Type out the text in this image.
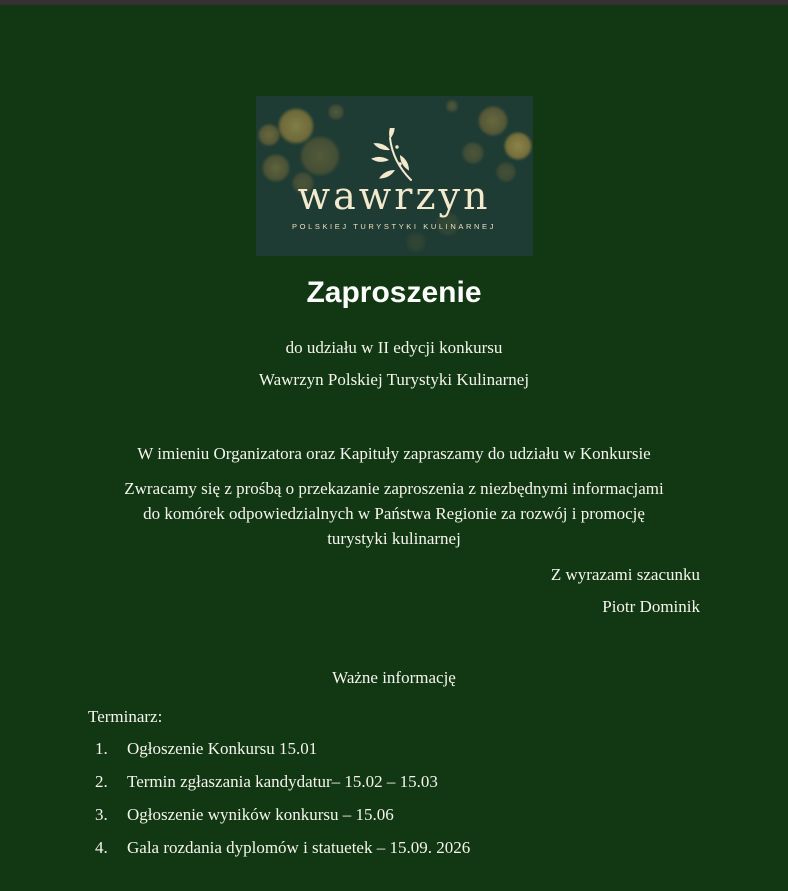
wawrzyn
POLSKIEJ TURYSTYKI KULINARNEJ
Zaproszenie

do udziału w II edycji konkursu

Wawrzyn Polskiej Turystyki Kulinarnej

W imieniu Organizatora oraz Kapituły zapraszamy do udziału w Konkursie

Zwracamy się z prośbą o przekazanie zaproszenia z niezbędnymi informacjami

do komórek odpowiedzialnych w Państwa Regionie za rozwój i promocję

turystyki kulinarnej

Z wyrazami szacunku

Piotr Dominik

Ważne informację

Terminarz:

1.	Ogłoszenie Konkursu 15.01
2.	Termin zgłaszania kandydatur– 15.02 – 15.03
3.	Ogłoszenie wyników konkursu – 15.06
4.	Gala rozdania dyplomów i statuetek – 15.09. 2026
